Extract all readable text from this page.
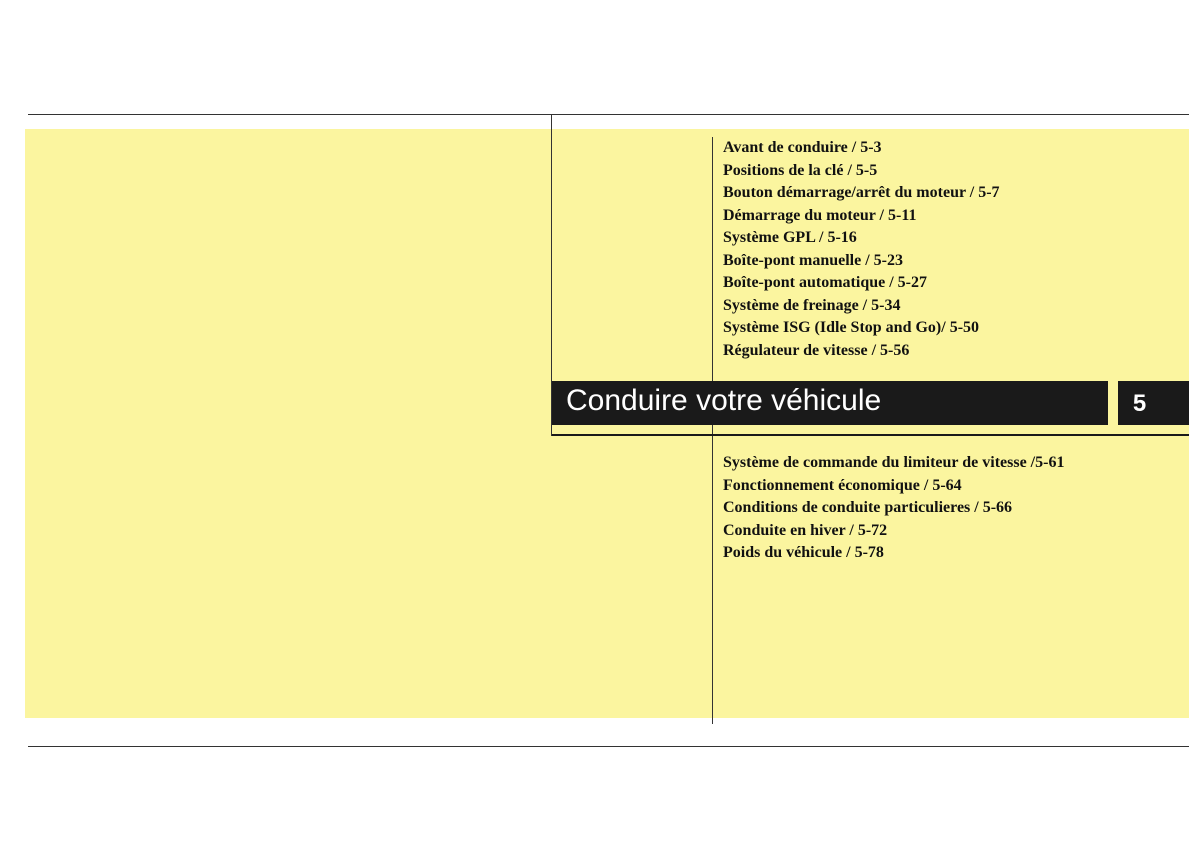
Avant de conduire / 5-3
Positions de la clé / 5-5
Bouton démarrage/arrêt du moteur / 5-7
Démarrage du moteur / 5-11
Système GPL / 5-16
Boîte-pont manuelle / 5-23
Boîte-pont automatique / 5-27
Système de freinage / 5-34
Système ISG (Idle Stop and Go)/ 5-50
Régulateur de vitesse / 5-56
Conduire votre véhicule	5
Système de commande du limiteur de vitesse /5-61
Fonctionnement économique / 5-64
Conditions de conduite particulieres / 5-66
Conduite en hiver / 5-72
Poids du véhicule / 5-78
